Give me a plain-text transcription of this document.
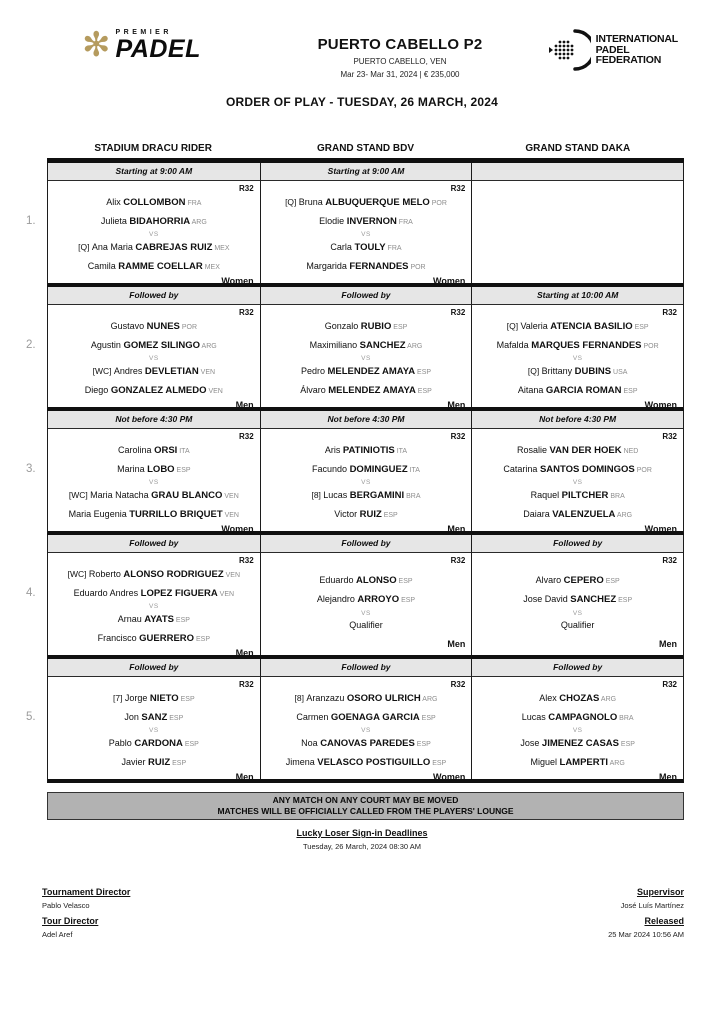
✻ PREMIER
PADEL	PUERTO CABELLO P2
PUERTO CABELLO, VEN
Mar 23- Mar 31, 2024 | € 235,000
INTERNATIONAL
PADEL
FEDERATION
ORDER OF PLAY - TUESDAY, 26 MARCH, 2024
STADIUM DRACU RIDER	GRAND STAND BDV	GRAND STAND DAKA
1.
Starting at 9:00 AM	Starting at 9:00 AM
R32
Alix COLLOMBON FRA
Julieta BIDAHORRIA ARG
VS
[Q] Ana Maria CABREJAS RUIZ MEX
Camila RAMME COELLAR MEX
Women
R32
[Q] Bruna ALBUQUERQUE MELO POR
Elodie INVERNON FRA
VS
Carla TOULY FRA
Margarida FERNANDES POR
Women
2.
Followed by	Followed by	Starting at 10:00 AM
R32
Gustavo NUNES POR
Agustin GOMEZ SILINGO ARG
VS
[WC] Andres DEVLETIAN VEN
Diego GONZALEZ ALMEDO VEN
Men
R32
Gonzalo RUBIO ESP
Maximiliano SANCHEZ ARG
VS
Pedro MELENDEZ AMAYA ESP
Álvaro MELENDEZ AMAYA ESP
Men
R32
[Q] Valeria ATENCIA BASILIO ESP
Mafalda MARQUES FERNANDES POR
VS
[Q] Brittany DUBINS USA
Aitana GARCIA ROMAN ESP
Women
3.
Not before 4:30 PM	Not before 4:30 PM	Not before 4:30 PM
R32
Carolina ORSI ITA
Marina LOBO ESP
VS
[WC] Maria Natacha GRAU BLANCO VEN
Maria Eugenia TURRILLO BRIQUET VEN
Women
R32
Aris PATINIOTIS ITA
Facundo DOMINGUEZ ITA
VS
[8] Lucas BERGAMINI BRA
Victor RUIZ ESP
Men
R32
Rosalie VAN DER HOEK NED
Catarina SANTOS DOMINGOS POR
VS
Raquel PILTCHER BRA
Daiara VALENZUELA ARG
Women
4.
Followed by	Followed by	Followed by
R32
[WC] Roberto ALONSO RODRIGUEZ VEN
Eduardo Andres LOPEZ FIGUERA VEN
VS
Arnau AYATS ESP
Francisco GUERRERO ESP
Men
R32
Eduardo ALONSO ESP
Alejandro ARROYO ESP
VS
Qualifier
Men
R32
Alvaro CEPERO ESP
Jose David SANCHEZ ESP
VS
Qualifier
Men
5.
Followed by	Followed by	Followed by
R32
[7] Jorge NIETO ESP
Jon SANZ ESP
VS
Pablo CARDONA ESP
Javier RUIZ ESP
Men
R32
[8] Aranzazu OSORO ULRICH ARG
Carmen GOENAGA GARCIA ESP
VS
Noa CANOVAS PAREDES ESP
Jimena VELASCO POSTIGUILLO ESP
Women
R32
Alex CHOZAS ARG
Lucas CAMPAGNOLO BRA
VS
Jose JIMENEZ CASAS ESP
Miguel LAMPERTI ARG
Men
ANY MATCH ON ANY COURT MAY BE MOVED
MATCHES WILL BE OFFICIALLY CALLED FROM THE PLAYERS' LOUNGE
Lucky Loser Sign-in Deadlines
Tuesday, 26 March, 2024 08:30 AM
Tournament Director
Pablo Velasco
Tour Director
Adel Aref
Supervisor
José Luís Martínez
Released
25 Mar 2024 10:56 AM
